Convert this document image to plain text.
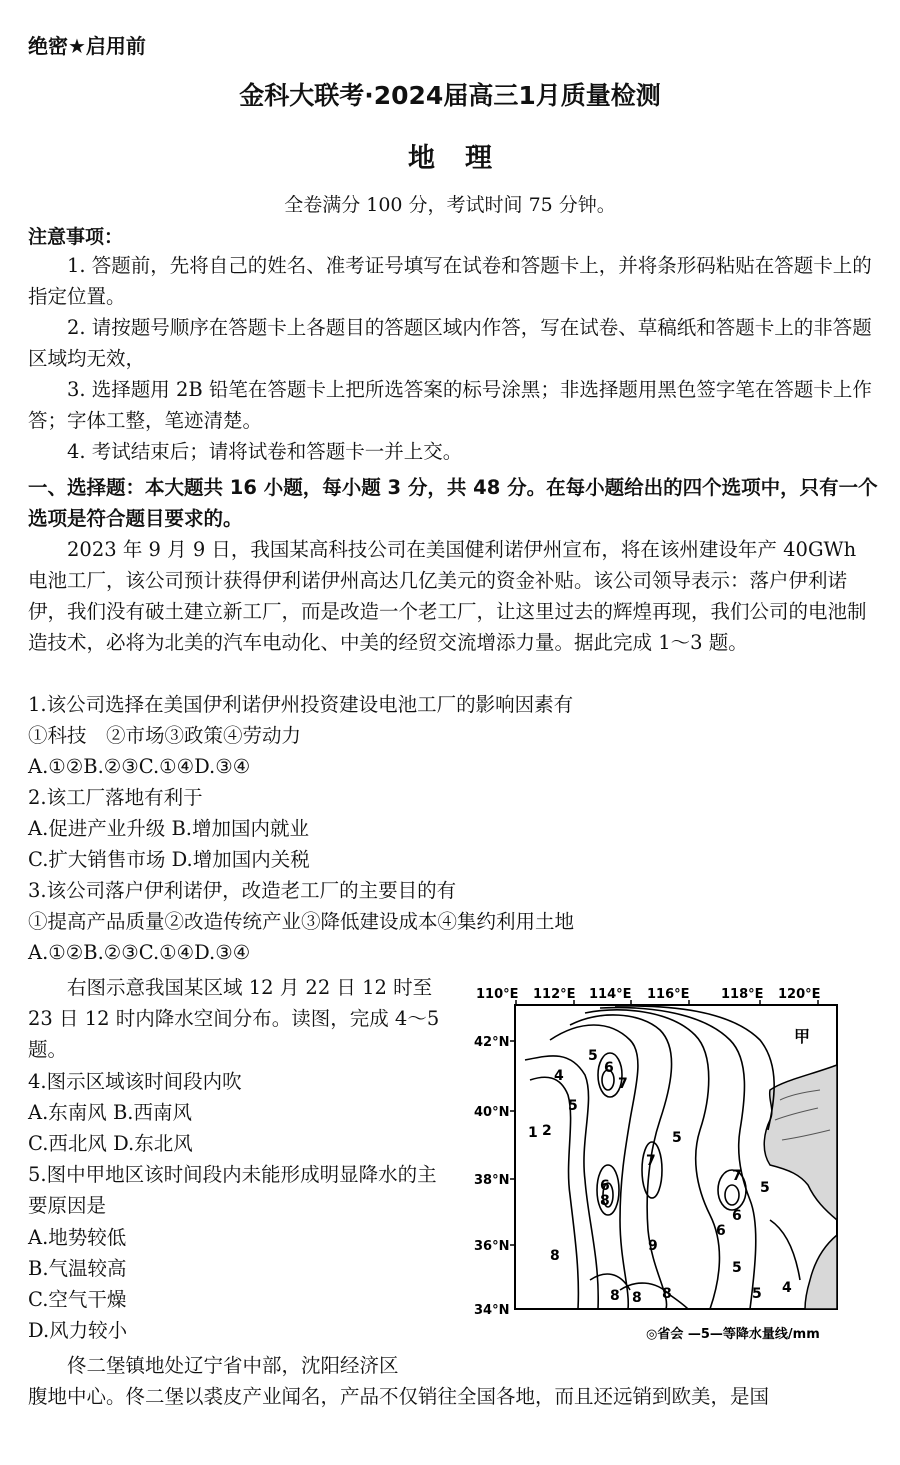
绝密★启用前
金科大联考·2024届高三1月质量检测
地理
全卷满分 100 分，考试时间 75 分钟。
注意事项：
1. 答题前，先将自己的姓名、准考证号填写在试卷和答题卡上，并将条形码粘贴在答题卡上的指定位置。
2. 请按题号顺序在答题卡上各题目的答题区域内作答，写在试卷、草稿纸和答题卡上的非答题区域均无效，
3. 选择题用 2B 铅笔在答题卡上把所选答案的标号涂黑；非选择题用黑色签字笔在答题卡上作答；字体工整，笔迹清楚。
4. 考试结束后；请将试卷和答题卡一并上交。
一、选择题：本大题共 16 小题，每小题 3 分，共 48 分。在每小题给出的四个选项中，只有一个选项是符合题目要求的。
2023 年 9 月 9 日，我国某高科技公司在美国健利诺伊州宣布，将在该州建设年产 40GWh 电池工厂，该公司预计获得伊利诺伊州高达几亿美元的资金补贴。该公司领导表示：落户伊利诺伊，我们没有破土建立新工厂，而是改造一个老工厂，让这里过去的辉煌再现，我们公司的电池制造技术，必将为北美的汽车电动化、中美的经贸交流增添力量。据此完成 1～3 题。
1.该公司选择在美国伊利诺伊州投资建设电池工厂的影响因素有
①科技　②市场③政策④劳动力
A.①②B.②③C.①④D.③④
2.该工厂落地有利于
A.促进产业升级 B.增加国内就业
C.扩大销售市场 D.增加国内关税
3.该公司落户伊利诺伊，改造老工厂的主要目的有
①提高产品质量②改造传统产业③降低建设成本④集约利用土地
A.①②B.②③C.①④D.③④
右图示意我国某区域 12 月 22 日 12 时至 23 日 12 时内降水空间分布。读图，完成 4～5 题。
4.图示区域该时间段内吹
A.东南风 B.西南风
C.西北风 D.东北风
5.图中甲地区该时间段内未能形成明显降水的主要原因是
A.地势较低
B.气温较高
C.空气干燥
D.风力较小
佟二堡镇地处辽宁省中部，沈阳经济区
腹地中心。佟二堡以裘皮产业闻名，产品不仅销往全国各地，而且还远销到欧美，是国
110°E 112°E 114°E 116°E 118°E 120°E
42°N
40°N
38°N
36°N
34°N
甲
1 2
4
5
6
7
5
7
6
5
8
9
8 8 8
7
5
6
5
4
8
6
5
◎省会 —5—等降水量线/mm
